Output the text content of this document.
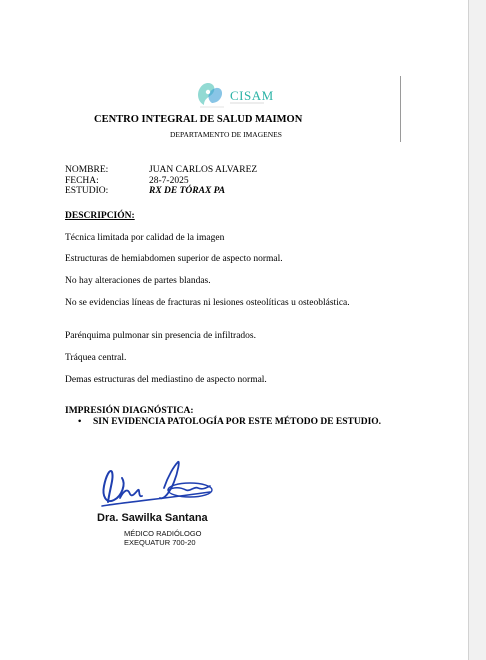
CISAM
CENTRO INTEGRAL DE SALUD MAIMON
DEPARTAMENTO DE IMAGENES
NOMBRE:	JUAN CARLOS ALVAREZ
FECHA:	28-7-2025
ESTUDIO:	RX DE TÓRAX PA
DESCRIPCIÓN:
Técnica limitada por calidad de la imagen
Estructuras de hemiabdomen superior de aspecto normal.
No hay alteraciones de partes blandas.
No se evidencias líneas de fracturas ni lesiones osteolíticas u osteoblástica.
Parénquima pulmonar sin presencia de infiltrados.
Tráquea central.
Demas estructuras del mediastino de aspecto normal.
IMPRESIÓN DIAGNÓSTICA:
• SIN EVIDENCIA PATOLOGÍA POR ESTE MÉTODO DE ESTUDIO.
Dra. Sawilka Santana
MÉDICO RADIÓLOGO
EXEQUATUR 700-20
